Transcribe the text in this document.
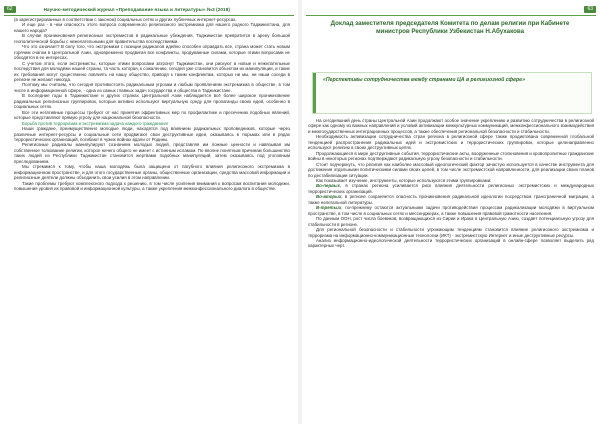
62	Научно-методический журнал «Преподавание языка и литературы» №3 (2018)

(в зарегистрированных в соответствии с законом) социальных сетях и других публичных интернет-ресурсах.

И еще раз - в чем опасность этого вопроса современного религиозного экстремизма для нашего родного Таджикистана, для нашего народа?

В случае проникновения религиозных экстремистов в радикальные убеждения, Таджикистан превратится в арену большой геополитической борьбы с нежелательными для правительства последствиями.

Что это означает? В силу того, что экстремизм с позиции радикалов идейно способен оправдать все, страна может стать новым горячим очагом в Центральной Азии, одновременно продвигая все конфликты, продуманные силами, которые этими вопросами не обходятся в ее интересах.

С учетом этого, если экстремисты, которые этими вопросами затронут Таджикистан, они рискуют в новые и нежелательные последствия для молодёжи нашей страны, та часть которая, к сожалению, сегодня уже становится объектом их манипуляции, и такие их требования могут существенно повлиять на нашу общество, приводя к таким конфликтам, которых ни мы, ни наши соседи в регионе не желают никогда.

Поэтому мы считаем, что сегодня противостоять радикальным угрозам и любым проявлениям экстремизма в обществе, в том числе в информационной сфере, - одна из самых главных задач государства и общества в Таджикистане.

В последние годы в Таджикистане и других странах Центральной Азии наблюдается всё более широкое проникновение радикальных религиозных группировок, которые активно используют виртуальную среду для пропаганды своих идей, особенно в социальных сетях.

Все эти негативные процессы требуют от нас принятия эффективных мер по профилактике и пресечению подобных явлений, которые представляют прямую угрозу для национальной безопасности.

Борьба против терроризма и экстремизма задача каждого гражданина!

Наши граждане, преимущественно молодые люди, находятся под влиянием радикальных проповедников, которые через различные интернет-ресурсы и социальные сети продвигают свои деструктивные идеи, оказываясь в тюрьмах или в рядах террористических организаций, погибают в чужих войнах вдали от Родины.

Религиозные радикалы манипулируют сознанием молодых людей, представляя им ложные ценности и навязывая им собственное толкование религии, которое ничего общего не имеет с истинным исламом. По вполне понятным причинам большинство таких людей из Республики Таджикистан становится жертвами подобных манипуляций, затем оказываясь под уголовным преследованием.

Мы стремимся к тому, чтобы наша молодёжь была защищена от пагубного влияния религиозного экстремизма в информационном пространстве, и для этого государственные органы, общественные организации, средства массовой информации и религиозные деятели должны объединить свои усилия в этом направлении.

Такие проблемы требуют комплексного подхода к решению, в том числе усиления внимания к вопросам воспитания молодежи, повышения уровня их правовой и информационной культуры, а также укрепления межконфессионального диалога в обществе.

63
Доклад заместителя председателя Комитета по делам религии при Кабинете министров Республики Узбекистан Н.Абухакова
«Перспективы сотрудничества между странами ЦА в религиозной сфере»

На сегодняшний день страны Центральной Азии продолжают особое значение укреплению и развитию сотрудничества в религиозной сфере как одному из важных направлений и условий активизации межкультурных коммуникаций, межконфессионального взаимодействия и межгосударственных интеграционных процессов, а также обеспечения региональной безопасности и стабильности.

Необходимость активизации сотрудничества стран региона в религиозной сфере также продиктована современной глобальной тенденцией распространения радикальных идей и экстремистских и террористических группировок, которые целенаправленно используют религию в своих деструктивных целях.

Продолжающиеся в мире деструктивные события, террористические акты, вооруженные столкновения и кровопролитные гражданские войны в некоторых регионах подтверждают радикальную угрозу безопасности и стабильности.

Стоит подчеркнуть, что религия как наиболее массовый идеологический фактор зачастую используется в качестве инструмента для достижения отдельными политическими силами своих целей, в том числе экстремистской направленности, для реализации своих планов по дестабилизации ситуации.

Как показывает изучение, инструменты, которые используются этими группировками:

Во-первых, в странах региона усиливается риск влияния деятельности религиозных экстремистских и международных террористических организаций.

Во-вторых, в регионе сохраняется опасность проникновения радикальной идеологии посредством трансграничной миграции, а также нелегальной литературы.

В-третьих, по-прежнему остаются актуальными задачи противодействия процессам радикализации молодёжи в виртуальном пространстве, в том числе в социальных сетях и мессенджерах, а также повышения правовой грамотности населения.

По данным ООН, рост числа боевиков, возвращающихся из Сирии и Ирака в Центральную Азию, создаёт потенциальную угрозу для стабильности в регионе.

Для региональной безопасности и стабильности угрожающим тенденциям становится влияние религиозного экстремизма и терроризма на информационно-коммуникационные технологии (ИКТ) - экстремистскую Интернет и иные деструктивные ресурсы.

Анализ информационно-идеологической деятельности террористических организаций в онлайн-сфере позволяет выделить ряд характерных черт.
